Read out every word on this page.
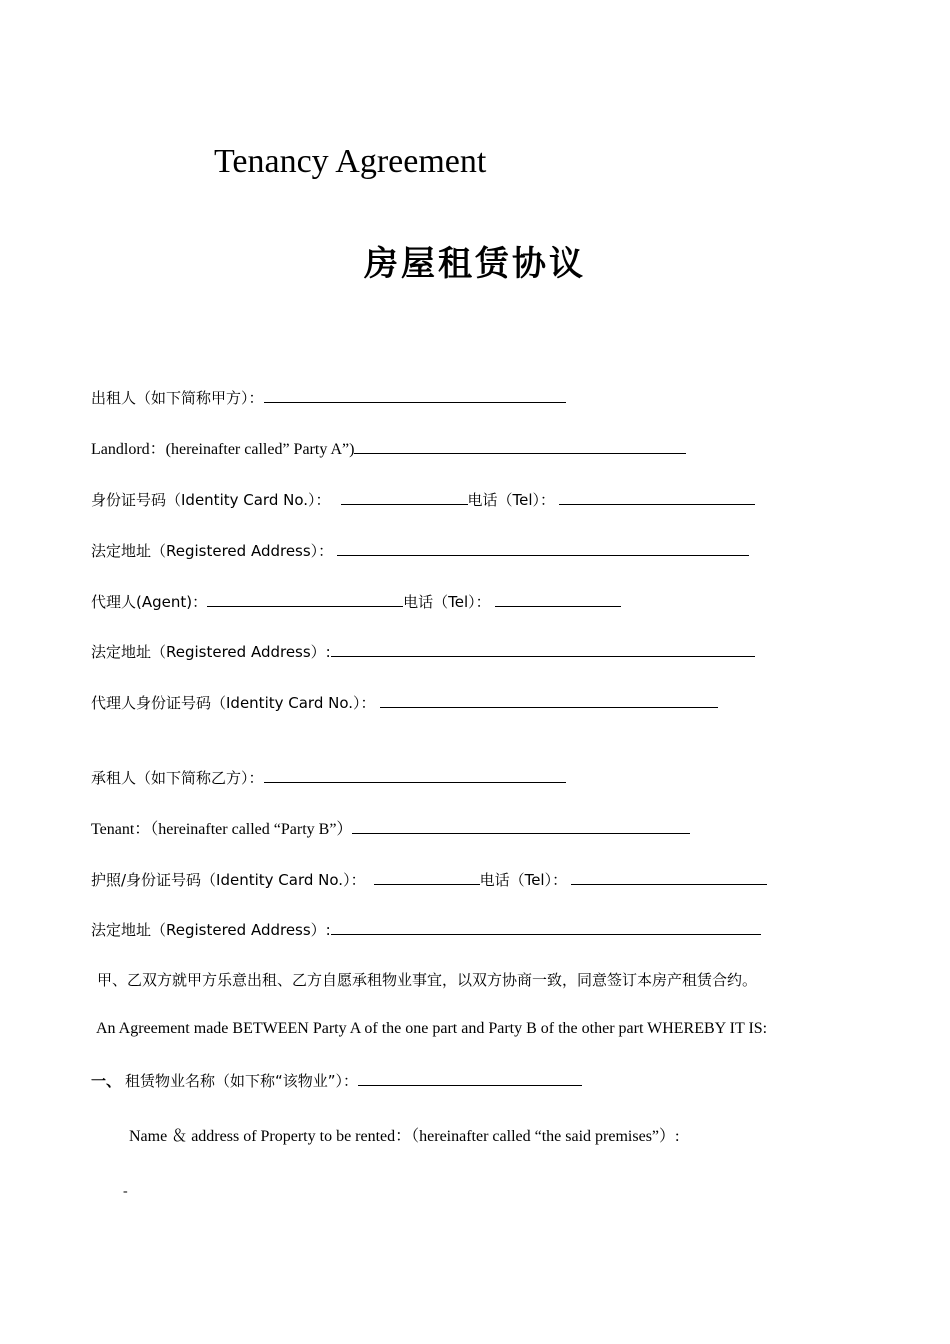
Tenancy Agreement
房屋租赁协议
出租人（如下简称甲方）：
Landlord：(hereinafter called” Party A”)
身份证号码（Identity Card No.）：	电话（Tel）：
法定地址（Registered Address）：
代理人(Agent)：	电话（Tel）：
法定地址（Registered Address）:
代理人身份证号码（Identity Card No.）：
承租人（如下简称乙方）：
Tenant：（hereinafter called “Party B”）
护照/身份证号码（Identity Card No.）：	电话（Tel）：
法定地址（Registered Address）:
甲、乙双方就甲方乐意出租、乙方自愿承租物业事宜，以双方协商一致，同意签订本房产租赁合约。
An Agreement made BETWEEN Party A of the one part and Party B of the other part WHEREBY IT IS:
一、 租赁物业名称（如下称“该物业”）：
Name ＆ address of Property to be rented：（hereinafter called “the said premises”）:
-
